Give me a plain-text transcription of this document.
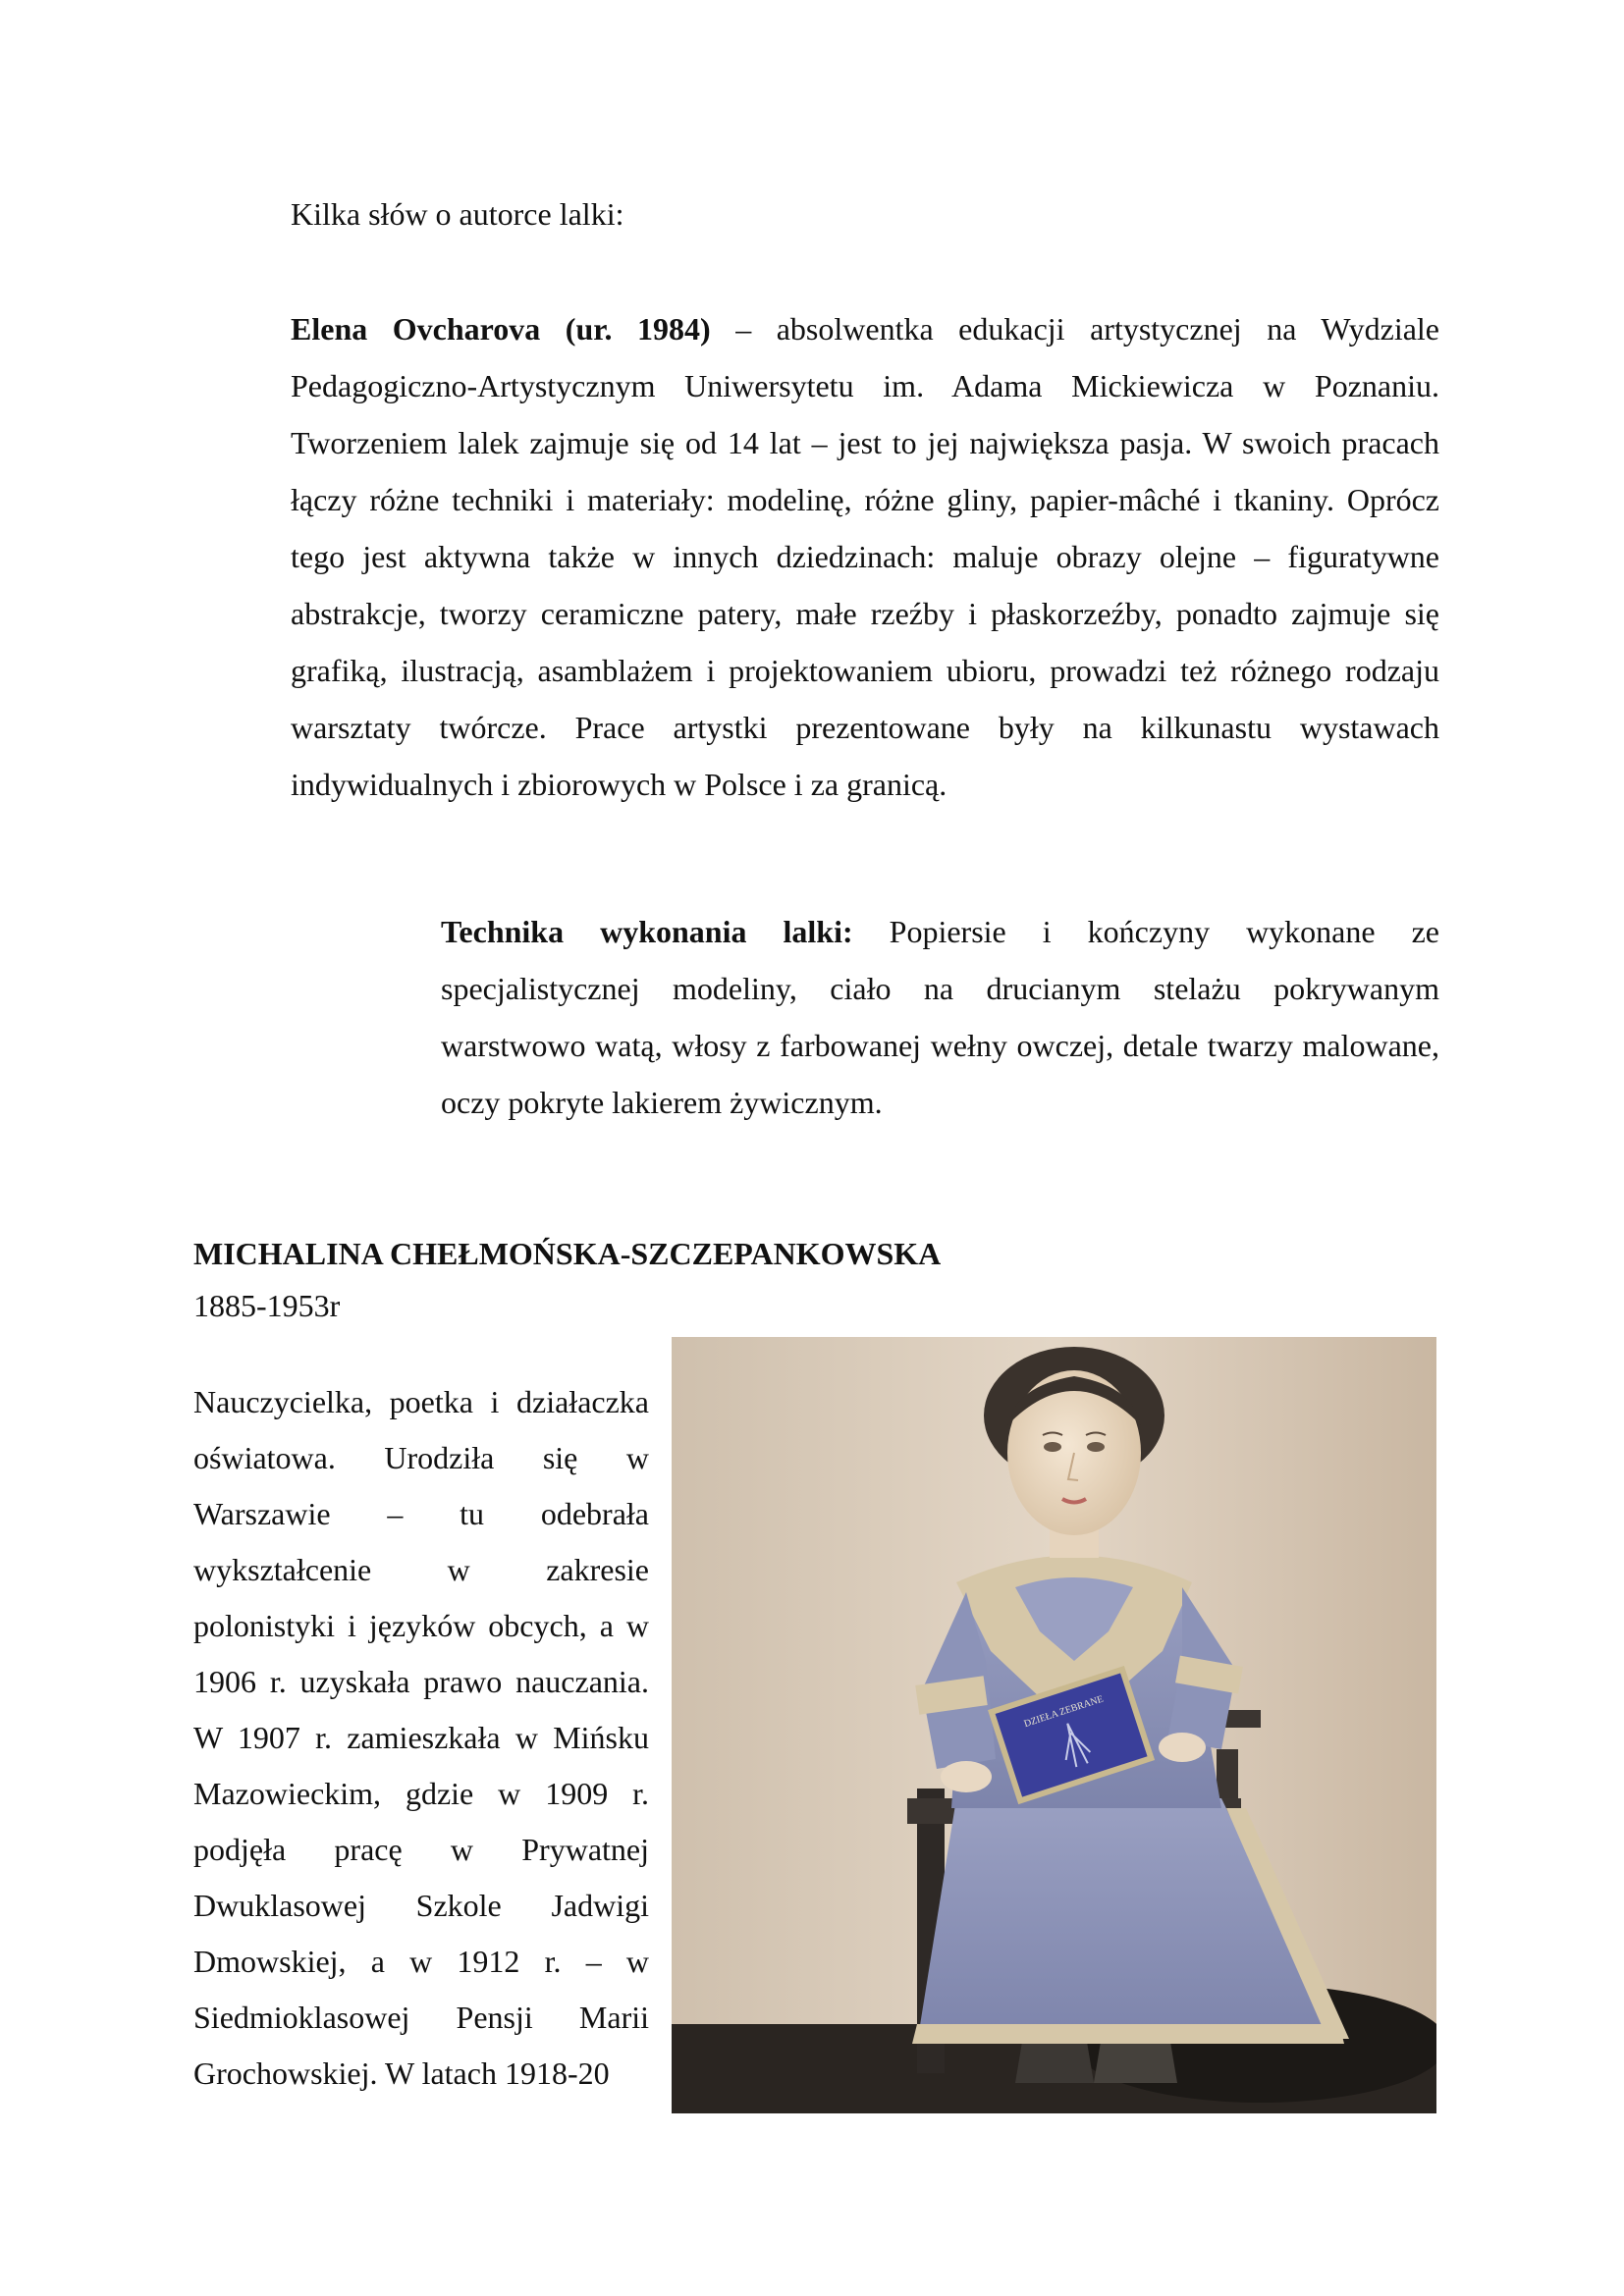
Kilka słów o autorce lalki:

Elena Ovcharova (ur. 1984) – absolwentka edukacji artystycznej na Wydziale Pedagogiczno-Artystycznym Uniwersytetu im. Adama Mickiewicza w Poznaniu. Tworzeniem lalek zajmuje się od 14 lat – jest to jej największa pasja. W swoich pracach łączy różne techniki i materiały: modelinę, różne gliny, papier-mâché i tkaniny. Oprócz tego jest aktywna także w innych dziedzinach: maluje obrazy olejne – figuratywne abstrakcje, tworzy ceramiczne patery, małe rzeźby i płaskorzeźby, ponadto zajmuje się grafiką, ilustracją, asamblażem i projektowaniem ubioru, prowadzi też różnego rodzaju warsztaty twórcze. Prace artystki prezentowane były na kilkunastu wystawach indywidualnych i zbiorowych w Polsce i za granicą.

Technika wykonania lalki: Popiersie i kończyny wykonane ze specjalistycznej modeliny, ciało na drucianym stelażu pokrywanym warstwowo watą, włosy z farbowanej wełny owczej, detale twarzy malowane, oczy pokryte lakierem żywicznym.

MICHALINA CHEŁMOŃSKA-SZCZEPANKOWSKA

1885-1953r

Nauczycielka, poetka i działaczka oświatowa. Urodziła się w Warszawie – tu odebrała wykształcenie w zakresie polonistyki i języków obcych, a w 1906 r. uzyskała prawo nauczania. W 1907 r. zamieszkała w Mińsku Mazowieckim, gdzie w 1909 r. podjęła pracę w Prywatnej Dwuklasowej Szkole Jadwigi Dmowskiej, a w 1912 r. – w Siedmioklasowej Pensji Marii Grochowskiej. W latach 1918-20

DZIEŁA ZEBRANE
